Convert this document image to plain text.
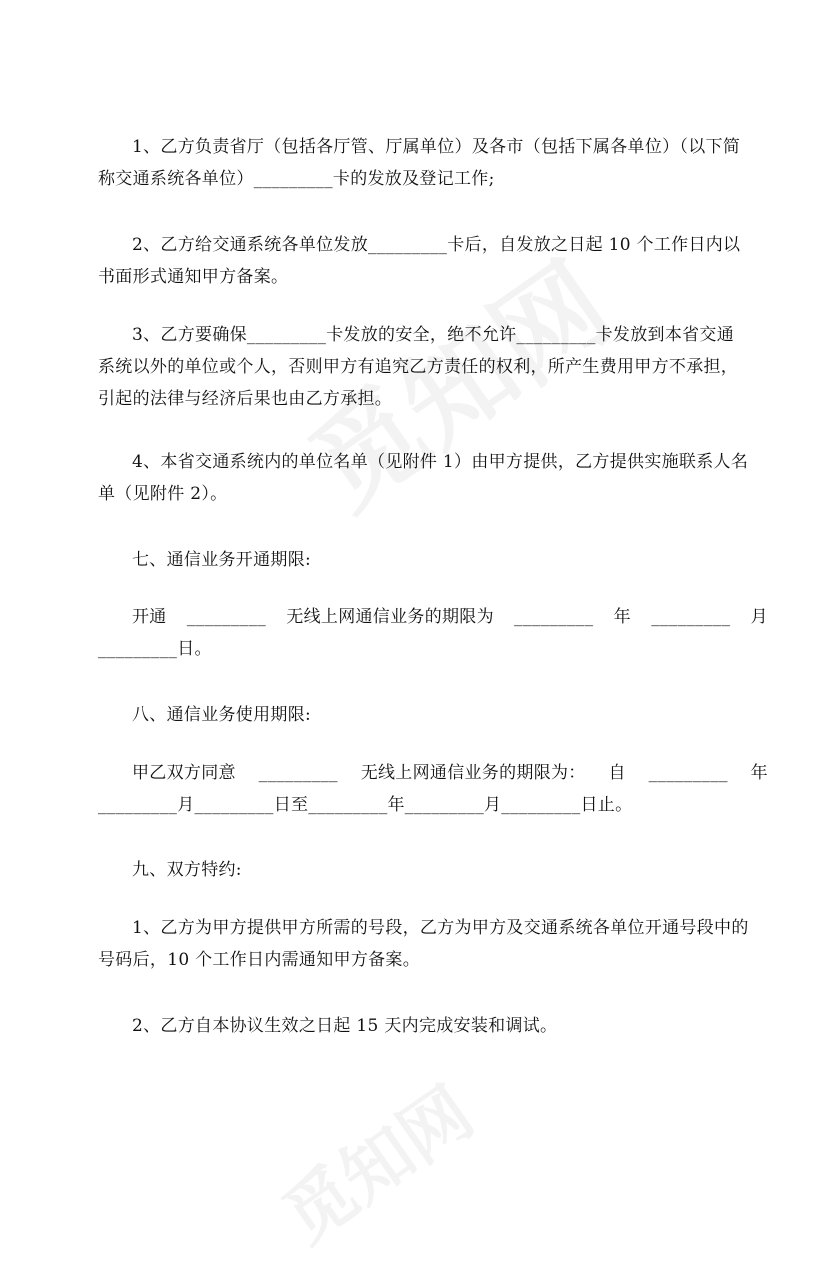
1、乙方负责省厅（包括各厅管、厅属单位）及各市（包括下属各单位）（以下简
称交通系统各单位）_________卡的发放及登记工作;

2、乙方给交通系统各单位发放_________卡后，自发放之日起 10 个工作日内以
书面形式通知甲方备案。

3、乙方要确保_________卡发放的安全，绝不允许_________卡发放到本省交通
系统以外的单位或个人，否则甲方有追究乙方责任的权利，所产生费用甲方不承担，
引起的法律与经济后果也由乙方承担。

4、本省交通系统内的单位名单（见附件 1）由甲方提供，乙方提供实施联系人名
单（见附件 2）。

七、通信业务开通期限:

开通 _________ 无线上网通信业务的期限为 _________ 年 _________ 月
_________日。

八、通信业务使用期限:

甲乙双方同意 _________ 无线上网通信业务的期限为： 自 _________ 年
_________月_________日至_________年_________月_________日止。

九、双方特约:

1、乙方为甲方提供甲方所需的号段，乙方为甲方及交通系统各单位开通号段中的
号码后，10 个工作日内需通知甲方备案。

2、乙方自本协议生效之日起 15 天内完成安装和调试。
